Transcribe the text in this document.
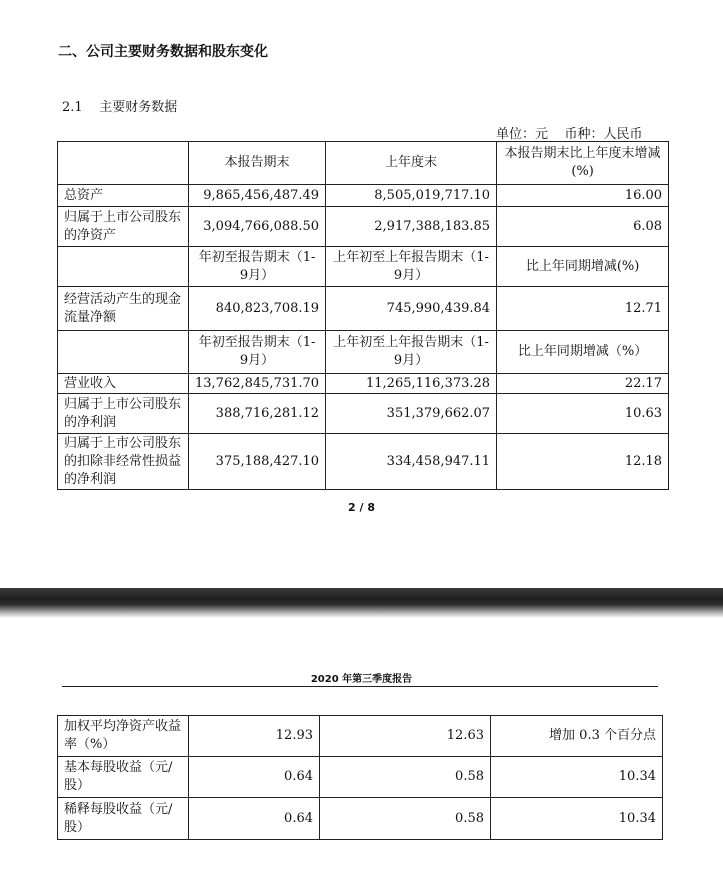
二、公司主要财务数据和股东变化
2.1    主要财务数据
单位：元    币种：人民币
	本报告期末	上年度末	本报告期末比上年度末增减(%)
总资产	9,865,456,487.49	8,505,019,717.10	16.00
归属于上市公司股东的净资产	3,094,766,088.50	2,917,388,183.85	6.08
	年初至报告期末（1-9月）	上年初至上年报告期末（1-9月）	比上年同期增减(%)
经营活动产生的现金流量净额	840,823,708.19	745,990,439.84	12.71
	年初至报告期末（1-9月）	上年初至上年报告期末（1-9月）	比上年同期增减（%）
营业收入	13,762,845,731.70	11,265,116,373.28	22.17
归属于上市公司股东的净利润	388,716,281.12	351,379,662.07	10.63
归属于上市公司股东的扣除非经常性损益的净利润	375,188,427.10	334,458,947.11	12.18
2 / 8
2020 年第三季度报告
加权平均净资产收益率（%）	12.93	12.63	增加 0.3 个百分点
基本每股收益（元/股）	0.64	0.58	10.34
稀释每股收益（元/股）	0.64	0.58	10.34
